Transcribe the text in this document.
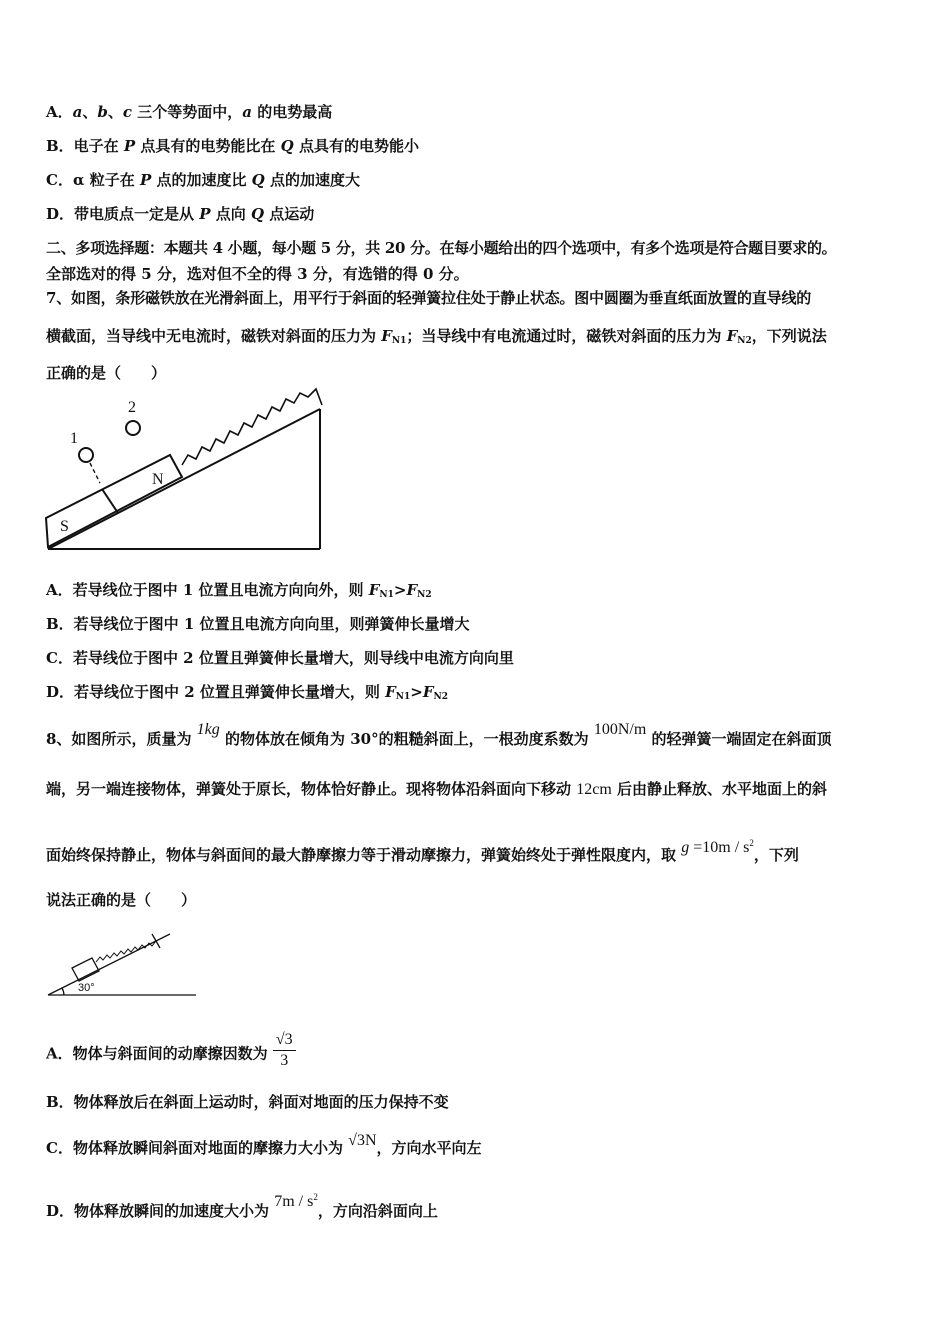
A．a、b、c 三个等势面中，a 的电势最高
B．电子在 P 点具有的电势能比在 Q 点具有的电势能小
C．α 粒子在 P 点的加速度比 Q 点的加速度大
D．带电质点一定是从 P 点向 Q 点运动
二、多项选择题：本题共 4 小题，每小题 5 分，共 20 分。在每小题给出的四个选项中，有多个选项是符合题目要求的。
全部选对的得 5 分，选对但不全的得 3 分，有选错的得 0 分。
7、如图，条形磁铁放在光滑斜面上，用平行于斜面的轻弹簧拉住处于静止状态。图中圆圈为垂直纸面放置的直导线的
横截面，当导线中无电流时，磁铁对斜面的压力为 $F_{N1}$；当导线中有电流通过时，磁铁对斜面的压力为 $F_{N2}$，下列说法
正确的是（　　）
1
2
N
S
A．若导线位于图中 1 位置且电流方向向外，则 $F_{N1}>F_{N2}$
B．若导线位于图中 1 位置且电流方向向里，则弹簧伸长量增大
C．若导线位于图中 2 位置且弹簧伸长量增大，则导线中电流方向向里
D．若导线位于图中 2 位置且弹簧伸长量增大，则 $F_{N1}>F_{N2}$
8、如图所示，质量为 1kg 的物体放在倾角为 30°的粗糙斜面上，一根劲度系数为 100N/m 的轻弹簧一端固定在斜面顶
端，另一端连接物体，弹簧处于原长，物体恰好静止。现将物体沿斜面向下移动 12cm 后由静止释放、水平地面上的斜
面始终保持静止，物体与斜面间的最大静摩擦力等于滑动摩擦力，弹簧始终处于弹性限度内，取 $g =10m / s^2$，下列
说法正确的是（　　）
30°
A．物体与斜面间的动摩擦因数为 $\frac{√3}{3}$
B．物体释放后在斜面上运动时，斜面对地面的压力保持不变
C．物体释放瞬间斜面对地面的摩擦力大小为 √3N，方向水平向左
D．物体释放瞬间的加速度大小为 $7m / s^2$，方向沿斜面向上
